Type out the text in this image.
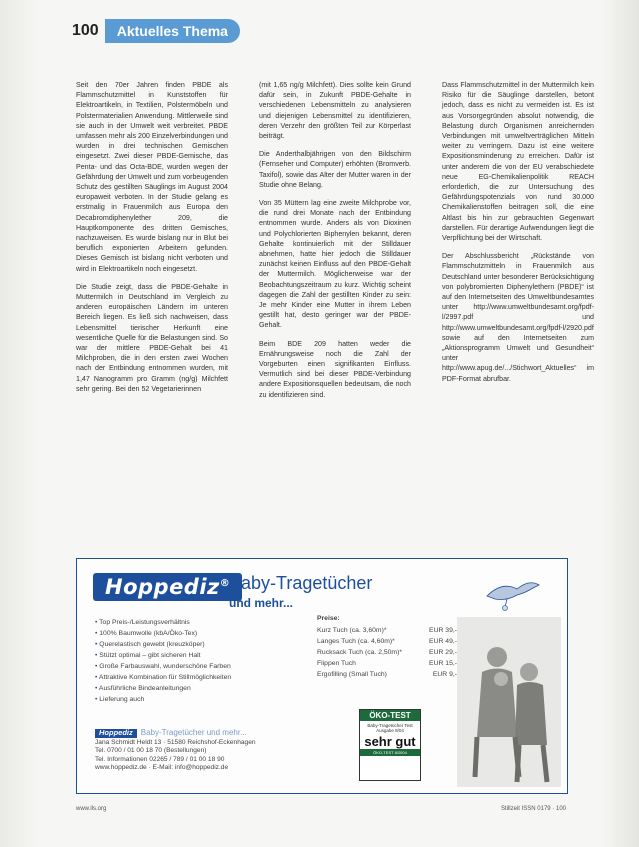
100	Aktuelles Thema

Seit den 70er Jahren finden PBDE als Flammschutzmittel in Kunststoffen für Elektroartikeln, in Textilien, Polstermöbeln und Polstermaterialien Anwendung. Mittlerweile sind sie auch in der Umwelt weit verbreitet. PBDE umfassen mehr als 200 Einzelverbindungen und wurden in drei technischen Gemischen eingesetzt. Zwei dieser PBDE-Gemische, das Penta- und das Octa-BDE, wurden wegen der Gefährdung der Umwelt und zum vorbeugenden Schutz des gestillten Säuglings im August 2004 europaweit verboten. In der Studie gelang es erstmalig in Frauenmilch aus Europa den Decabromdiphenylether 209, die Hauptkomponente des dritten Gemisches, nachzuweisen. Es wurde bislang nur in Blut bei beruflich exponierten Arbeitern gefunden. Dieses Gemisch ist bislang nicht verboten und wird in Elektroartikeln noch eingesetzt.

Die Studie zeigt, dass die PBDE-Gehalte in Muttermilch in Deutschland im Vergleich zu anderen europäischen Ländern im unteren Bereich liegen. Es ließ sich nachweisen, dass Lebensmittel tierischer Herkunft eine wesentliche Quelle für die Belastungen sind. So war der mittlere PBDE-Gehalt bei 41 Milchproben, die in den ersten zwei Wochen nach der Entbindung entnommen wurden, mit 1,47 Nanogramm pro Gramm (ng/g) Milchfett sehr gering. Bei den 52 Vegetarierinnen

(mit 1,65 ng/g Milchfett). Dies sollte kein Grund dafür sein, in Zukunft PBDE-Gehalte in verschiedenen Lebensmitteln zu analysieren und diejenigen Lebensmittel zu identifizieren, deren Verzehr den größten Teil zur Körperlast beiträgt.

Die Anderthalbjährigen von den Bildschirm (Fernseher und Computer) erhöhten (Bromverb. Taxifol), sowie das Alter der Mutter waren in der Studie ohne Belang.

Von 35 Müttern lag eine zweite Milchprobe vor, die rund drei Monate nach der Entbindung entnommen wurde. Anders als von Dioxinen und Polychlorierten Biphenylen bekannt, deren Gehalte kontinuierlich mit der Stilldauer abnehmen, hatte hier jedoch die Stilldauer zunächst keinen Einfluss auf den PBDE-Gehalt der Muttermilch. Möglicherweise war der Beobachtungszeitraum zu kurz. Wichtig scheint dagegen die Zahl der gestillten Kinder zu sein: Je mehr Kinder eine Mutter in ihrem Leben gestillt hat, desto geringer war der PBDE-Gehalt.

Beim BDE 209 hatten weder die Ernährungsweise noch die Zahl der Vorgeburten einen signifikanten Einfluss. Vermutlich sind bei dieser PBDE-Verbindung andere Expositionsquellen bedeutsam, die noch zu identifizieren sind.

Dass Flammschutzmittel in der Muttermilch kein Risiko für die Säuglinge darstellen, betont jedoch, dass es nicht zu vermeiden ist. Es ist aus Vorsorgegründen absolut notwendig, die Belastung durch Organismen anreichernden Verbindungen mit umweltverträglichen Mitteln weiter zu verringern. Dazu ist eine weitere Expositionsminderung zu erreichen. Dafür ist unter anderem die von der EU verabschiedete neue EG-Chemikalienpolitik REACH erforderlich, die zur Untersuchung des Gefährdungspotenzials von rund 30.000 Chemikalienstoffen beitragen soll, die eine Altlast bis hin zur gebrauchten Gegenwart darstellen. Für derartige Aufwendungen liegt die Verpflichtung bei der Wirtschaft.

Der Abschlussbericht „Rückstände von Flammschutzmitteln in Frauenmilch aus Deutschland unter besonderer Berücksichtigung von polybromierten Diphenylethern (PBDE)“ ist auf den Internetseiten des Umweltbundesamtes unter http://www.umweltbundesamt.org/fpdf-l/2997.pdf und http://www.umweltbundesamt.org/fpdf-l/2920.pdf sowie auf den Internetseiten zum „Aktionsprogramm Umwelt und Gesundheit“ unter http://www.apug.de/.../Stichwort_Aktuelles“ im PDF-Format abrufbar.

Hoppediz®
Baby-Tragetücher
und mehr...
• Top Preis-/Leistungsverhältnis
• 100% Baumwolle (kbA/Öko-Tex)
• Querelastisch gewebt (kreuzköper)
• Stützt optimal – gibt sicheren Halt
• Große Farbauswahl, wunderschöne Farben
• Attraktive Kombination für Stillmöglichkeiten
• Ausführliche Bindeanleitungen
• Lieferung auch
Preise:
Kurz Tuch (ca. 3,60m)*	EUR 39,-
Langes Tuch (ca. 4,60m)*	EUR 49,-
Rucksack Tuch (ca. 2,50m)*	EUR 29,-
Flippen Tuch	EUR 15,-
Ergofilling (Small Tuch)	EUR 9,-
ÖKO-TEST
Baby-Tragetücher Test Ausgabe 8/04
sehr gut
ÖKO-TEST 8/2004
Hoppediz Baby-Tragetücher und mehr...
Jana Schmidt Heldt 13 · 51580 Reichshof-Eckenhagen
Tel. 0700 / 01 00 18 70 (Bestellungen)
Tel. Informationen 02265 / 789 / 01 00 18 90
www.hoppediz.de · E-Mail: info@hoppediz.de
www.lls.org	Stillzeit ISSN 0179 · 100
